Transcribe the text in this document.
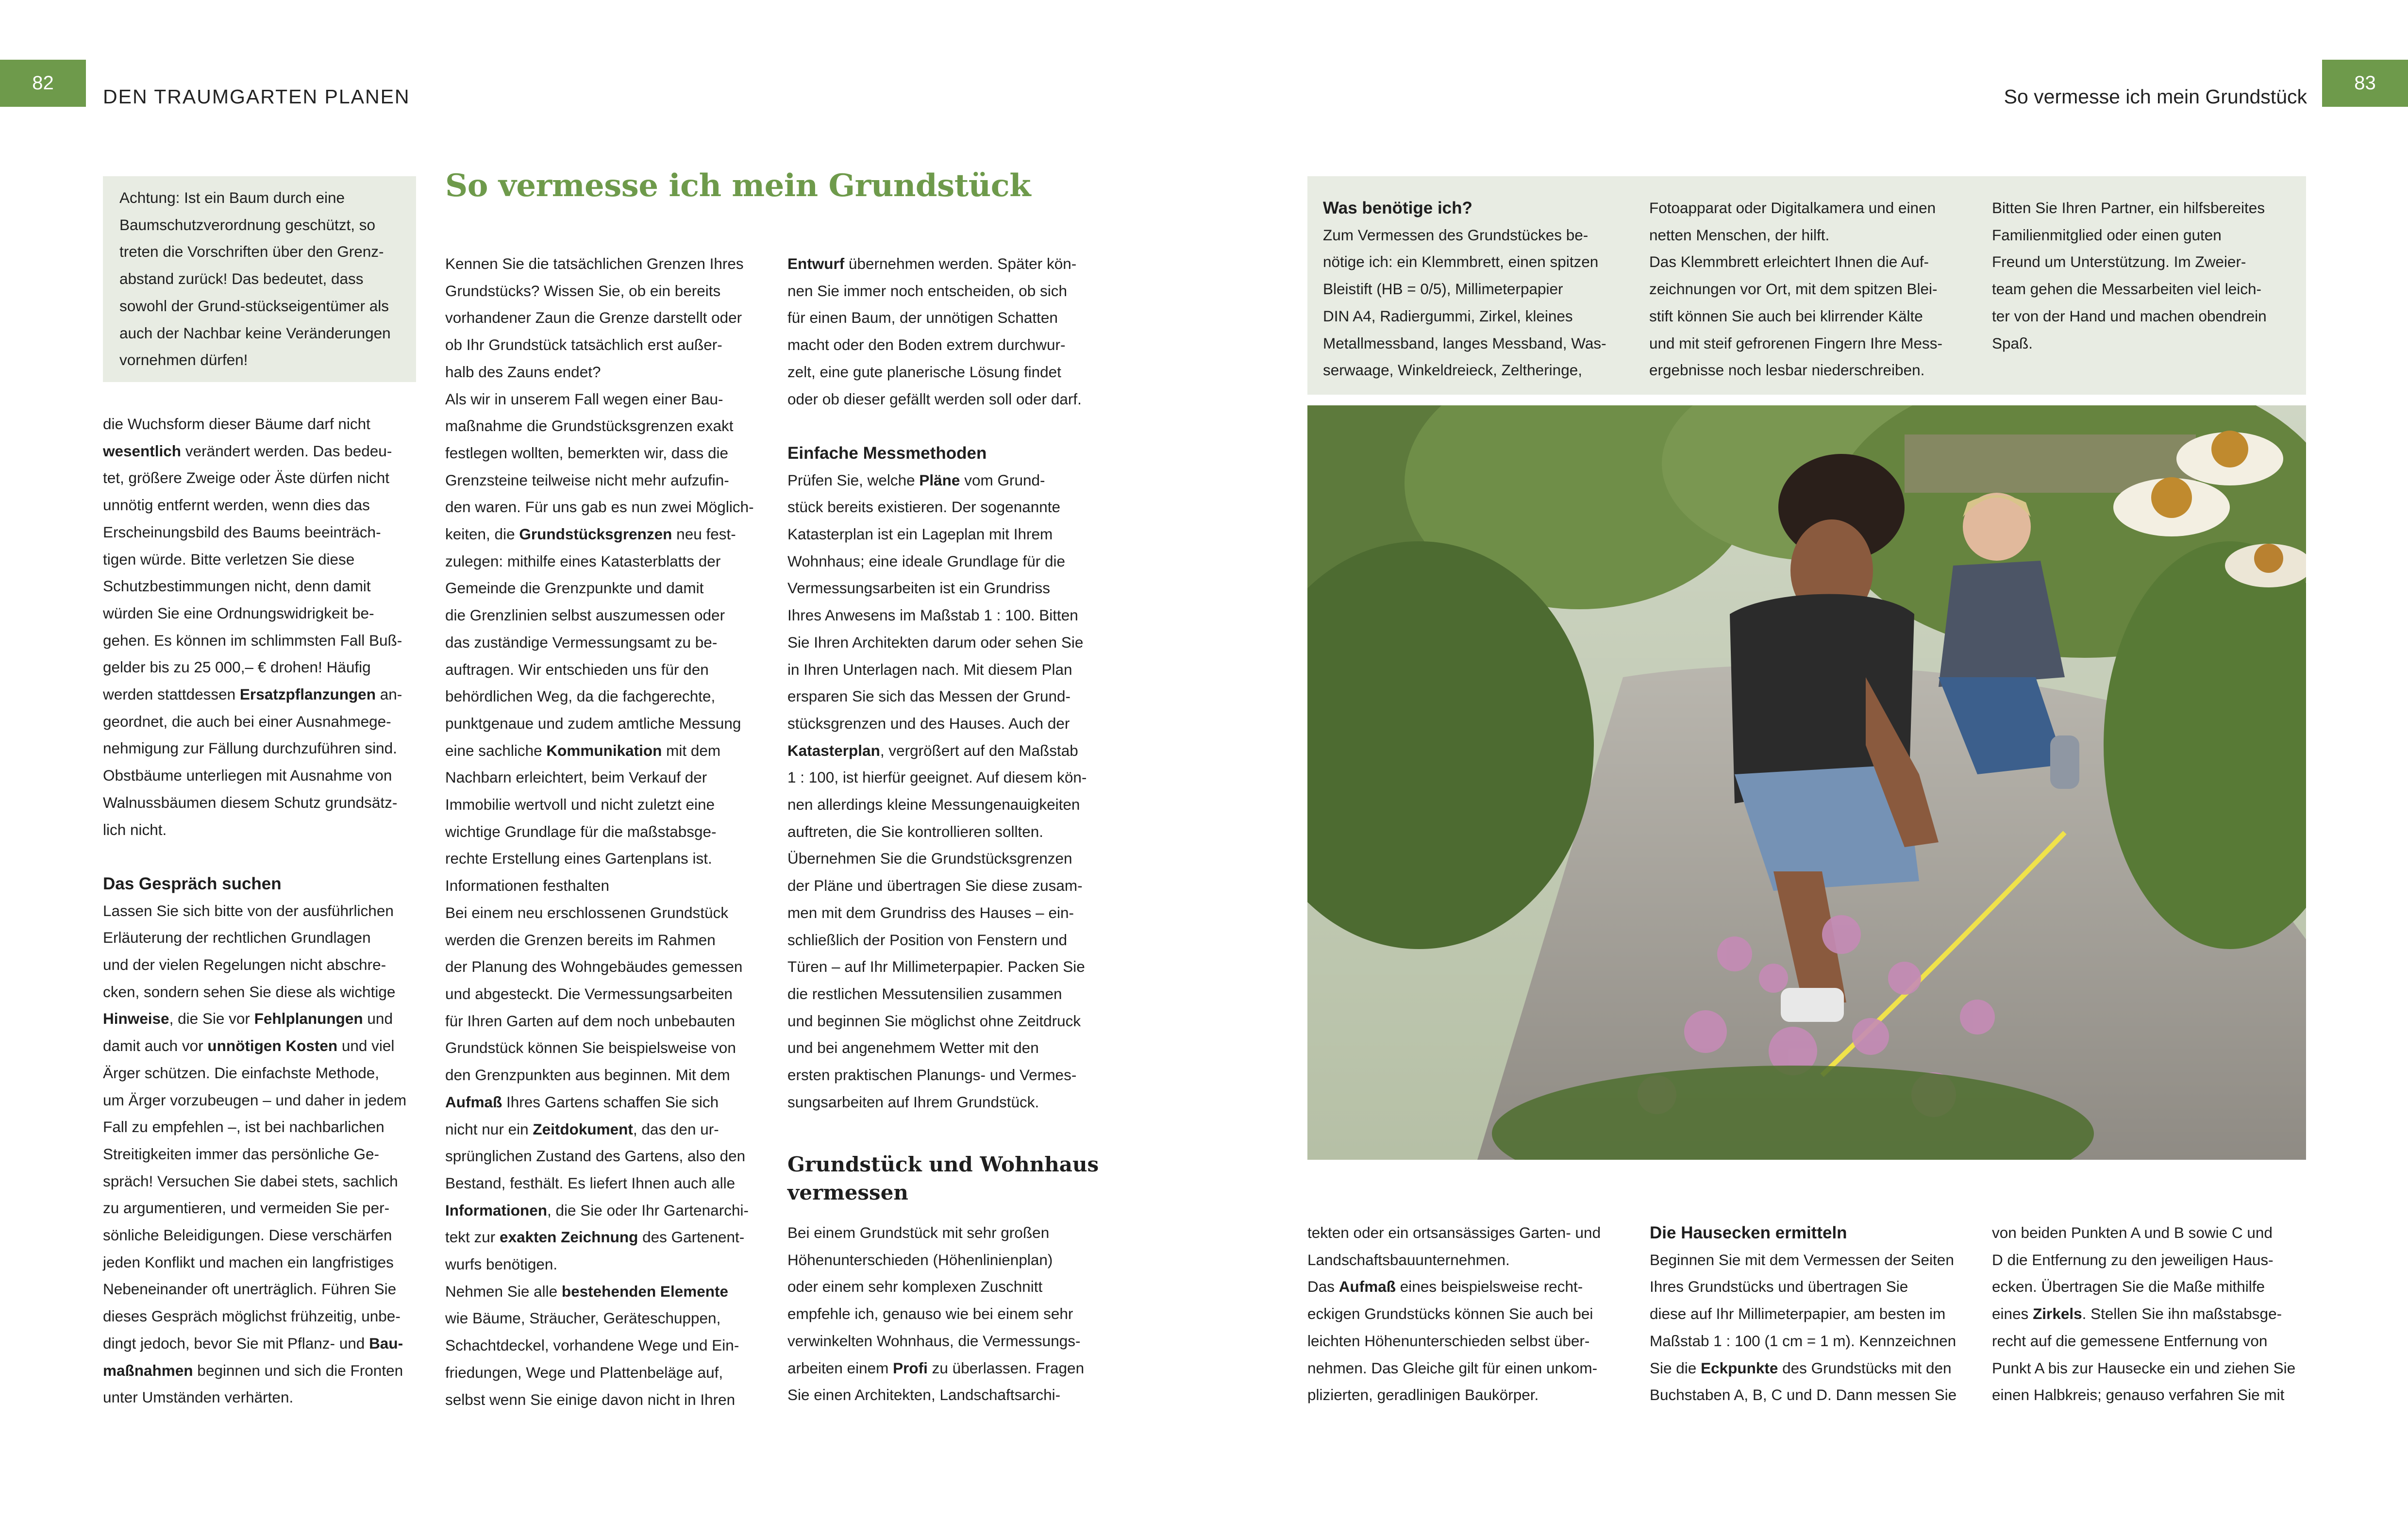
82
DEN TRAUMGARTEN PLANEN

Achtung: Ist ein Baum durch eine

Baumschutzverordnung geschützt, so

treten die Vorschriften über den Grenz-

abstand zurück! Das bedeutet, dass

sowohl der Grund-stückseigentümer als

auch der Nachbar keine Veränderungen

vornehmen dürfen!

die Wuchsform dieser Bäume darf nicht

wesentlich verändert werden. Das bedeu-

tet, größere Zweige oder Äste dürfen nicht

unnötig entfernt werden, wenn dies das

Erscheinungsbild des Baums beeinträch-

tigen würde. Bitte verletzen Sie diese

Schutzbestimmungen nicht, denn damit

würden Sie eine Ordnungswidrigkeit be-

gehen. Es können im schlimmsten Fall Buß-

gelder bis zu 25 000,– € drohen! Häufig

werden stattdessen Ersatzpflanzungen an-

geordnet, die auch bei einer Ausnahmege-

nehmigung zur Fällung durchzuführen sind.

Obstbäume unterliegen mit Ausnahme von

Walnussbäumen diesem Schutz grundsätz-

lich nicht.

Das Gespräch suchen

Lassen Sie sich bitte von der ausführlichen

Erläuterung der rechtlichen Grundlagen

und der vielen Regelungen nicht abschre-

cken, sondern sehen Sie diese als wichtige

Hinweise, die Sie vor Fehlplanungen und

damit auch vor unnötigen Kosten und viel

Ärger schützen. Die einfachste Methode,

um Ärger vorzubeugen – und daher in jedem

Fall zu empfehlen –, ist bei nachbarlichen

Streitigkeiten immer das persönliche Ge-

spräch! Versuchen Sie dabei stets, sachlich

zu argumentieren, und vermeiden Sie per-

sönliche Beleidigungen. Diese verschärfen

jeden Konflikt und machen ein langfristiges

Nebeneinander oft unerträglich. Führen Sie

dieses Gespräch möglichst frühzeitig, unbe-

dingt jedoch, bevor Sie mit Pflanz- und Bau-

maßnahmen beginnen und sich die Fronten

unter Umständen verhärten.

So vermesse ich mein Grundstück

Kennen Sie die tatsächlichen Grenzen Ihres

Grundstücks? Wissen Sie, ob ein bereits

vorhandener Zaun die Grenze darstellt oder

ob Ihr Grundstück tatsächlich erst außer-

halb des Zauns endet?

Als wir in unserem Fall wegen einer Bau-

maßnahme die Grundstücksgrenzen exakt

festlegen wollten, bemerkten wir, dass die

Grenzsteine teilweise nicht mehr aufzufin-

den waren. Für uns gab es nun zwei Möglich-

keiten, die Grundstücksgrenzen neu fest-

zulegen: mithilfe eines Katasterblatts der

Gemeinde die Grenzpunkte und damit

die Grenzlinien selbst auszumessen oder

das zuständige Vermessungsamt zu be-

auftragen. Wir entschieden uns für den

behördlichen Weg, da die fachgerechte,

punktgenaue und zudem amtliche Messung

eine sachliche Kommunikation mit dem

Nachbarn erleichtert, beim Verkauf der

Immobilie wertvoll und nicht zuletzt eine

wichtige Grundlage für die maßstabsge-

rechte Erstellung eines Gartenplans ist.

Informationen festhalten

Bei einem neu erschlossenen Grundstück

werden die Grenzen bereits im Rahmen

der Planung des Wohngebäudes gemessen

und abgesteckt. Die Vermessungsarbeiten

für Ihren Garten auf dem noch unbebauten

Grundstück können Sie beispielsweise von

den Grenzpunkten aus beginnen. Mit dem

Aufmaß Ihres Gartens schaffen Sie sich

nicht nur ein Zeitdokument, das den ur-

sprünglichen Zustand des Gartens, also den

Bestand, festhält. Es liefert Ihnen auch alle

Informationen, die Sie oder Ihr Gartenarchi-

tekt zur exakten Zeichnung des Gartenent-

wurfs benötigen.

Nehmen Sie alle bestehenden Elemente

wie Bäume, Sträucher, Geräteschuppen,

Schachtdeckel, vorhandene Wege und Ein-

friedungen, Wege und Plattenbeläge auf,

selbst wenn Sie einige davon nicht in Ihren

Entwurf übernehmen werden. Später kön-

nen Sie immer noch entscheiden, ob sich

für einen Baum, der unnötigen Schatten

macht oder den Boden extrem durchwur-

zelt, eine gute planerische Lösung findet

oder ob dieser gefällt werden soll oder darf.

Einfache Messmethoden

Prüfen Sie, welche Pläne vom Grund-

stück bereits existieren. Der sogenannte

Katasterplan ist ein Lageplan mit Ihrem

Wohnhaus; eine ideale Grundlage für die

Vermessungsarbeiten ist ein Grundriss

Ihres Anwesens im Maßstab 1 : 100. Bitten

Sie Ihren Architekten darum oder sehen Sie

in Ihren Unterlagen nach. Mit diesem Plan

ersparen Sie sich das Messen der Grund-

stücksgrenzen und des Hauses. Auch der

Katasterplan, vergrößert auf den Maßstab

1 : 100, ist hierfür geeignet. Auf diesem kön-

nen allerdings kleine Messungenauigkeiten

auftreten, die Sie kontrollieren sollten.

Übernehmen Sie die Grundstücksgrenzen

der Pläne und übertragen Sie diese zusam-

men mit dem Grundriss des Hauses – ein-

schließlich der Position von Fenstern und

Türen – auf Ihr Millimeterpapier. Packen Sie

die restlichen Messutensilien zusammen

und beginnen Sie möglichst ohne Zeitdruck

und bei angenehmem Wetter mit den

ersten praktischen Planungs- und Vermes-

sungsarbeiten auf Ihrem Grundstück.

Grundstück und Wohnhaus
vermessen

Bei einem Grundstück mit sehr großen

Höhenunterschieden (Höhenlinienplan)

oder einem sehr komplexen Zuschnitt

empfehle ich, genauso wie bei einem sehr

verwinkelten Wohnhaus, die Vermessungs-

arbeiten einem Profi zu überlassen. Fragen

Sie einen Architekten, Landschaftsarchi-

So vermesse ich mein Grundstück
83
Was benötige ich?

Zum Vermessen des Grundstückes be-

nötige ich: ein Klemmbrett, einen spitzen

Bleistift (HB = 0/5), Millimeterpapier

DIN A4, Radiergummi, Zirkel, kleines

Metallmessband, langes Messband, Was-

serwaage, Winkeldreieck, Zeltheringe,

Fotoapparat oder Digitalkamera und einen

netten Menschen, der hilft.

Das Klemmbrett erleichtert Ihnen die Auf-

zeichnungen vor Ort, mit dem spitzen Blei-

stift können Sie auch bei klirrender Kälte

und mit steif gefrorenen Fingern Ihre Mess-

ergebnisse noch lesbar niederschreiben.

Bitten Sie Ihren Partner, ein hilfsbereites

Familienmitglied oder einen guten

Freund um Unterstützung. Im Zweier-

team gehen die Messarbeiten viel leich-

ter von der Hand und machen obendrein

Spaß.

tekten oder ein ortsansässiges Garten- und

Landschaftsbauunternehmen.

Das Aufmaß eines beispielsweise recht-

eckigen Grundstücks können Sie auch bei

leichten Höhenunterschieden selbst über-

nehmen. Das Gleiche gilt für einen unkom-

plizierten, geradlinigen Baukörper.

Die Hausecken ermitteln

Beginnen Sie mit dem Vermessen der Seiten

Ihres Grundstücks und übertragen Sie

diese auf Ihr Millimeterpapier, am besten im

Maßstab 1 : 100 (1 cm = 1 m). Kennzeichnen

Sie die Eckpunkte des Grundstücks mit den

Buchstaben A, B, C und D. Dann messen Sie

von beiden Punkten A und B sowie C und

D die Entfernung zu den jeweiligen Haus-

ecken. Übertragen Sie die Maße mithilfe

eines Zirkels. Stellen Sie ihn maßstabsge-

recht auf die gemessene Entfernung von

Punkt A bis zur Hausecke ein und ziehen Sie

einen Halbkreis; genauso verfahren Sie mit
